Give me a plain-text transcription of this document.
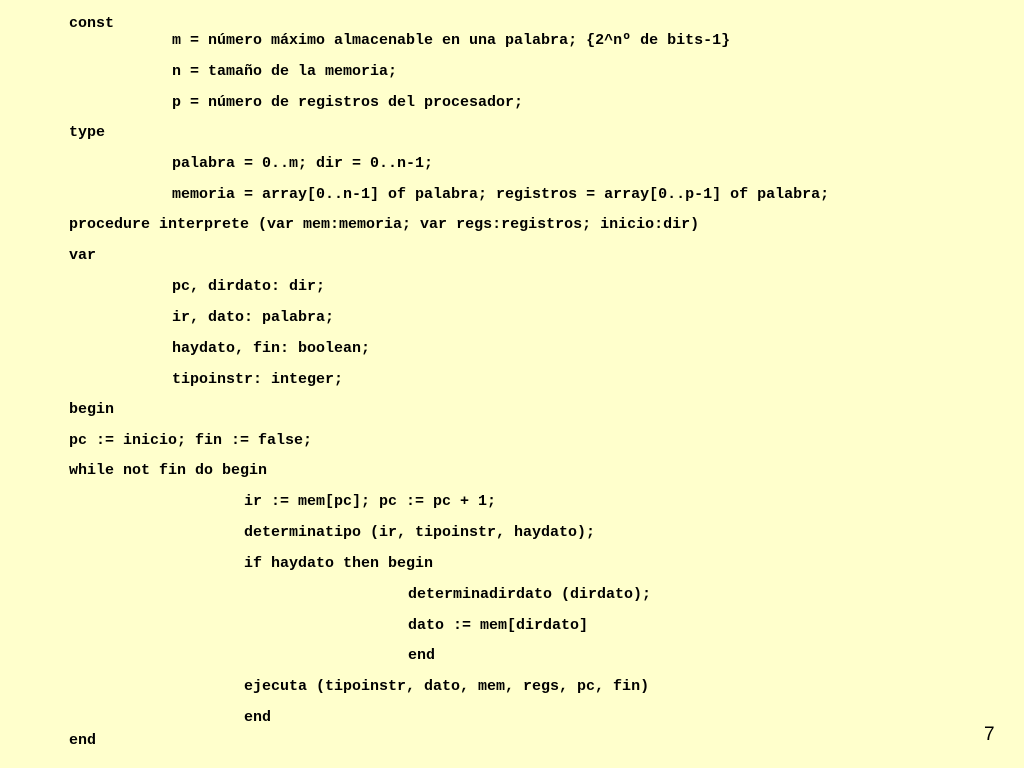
const
m = número máximo almacenable en una palabra; {2^nº de bits-1}
n = tamaño de la memoria;
p = número de registros del procesador;
type
palabra = 0..m; dir = 0..n-1;
memoria = array[0..n-1] of palabra; registros = array[0..p-1] of palabra;
procedure interprete (var mem:memoria; var regs:registros; inicio:dir)
var
pc, dirdato: dir;
ir, dato: palabra;
haydato, fin: boolean;
tipoinstr: integer;
begin
pc := inicio; fin := false;
while not fin do begin
ir := mem[pc]; pc := pc + 1;
determinatipo (ir, tipoinstr, haydato);
if haydato then begin
determinadirdato (dirdato);
dato := mem[dirdato]
end
ejecuta (tipoinstr, dato, mem, regs, pc, fin)
end
end	7
